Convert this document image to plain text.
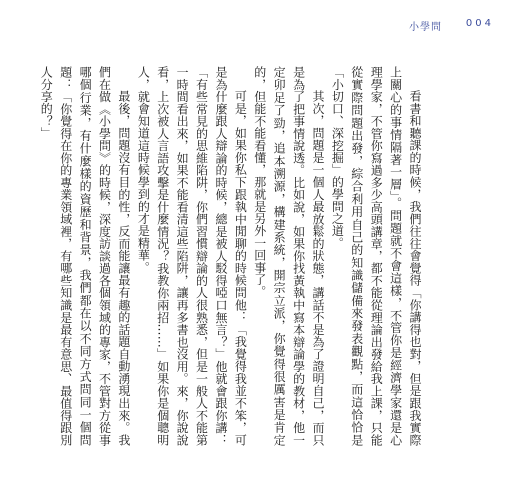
小學問 004

看書和聽課的時候，我們往往會覺得「你講得也對，但是跟我實際上關心的事情隔著一層」。問題就不會這樣，不管你是經濟學家還是心理學家，不管你寫過多少高頭講章，都不能從理論出發給我上課，只能從實際問題出發，綜合利用自己的知識儲備來發表觀點，而這恰恰是「小切口、深挖掘」的學問之道。

其次，問題是一個人最放鬆的狀態，講話不是為了證明自己，而只是為了把事情說透。比如說，如果你找黃執中寫本辯論學的教材，他一定卯足了勁，追本溯源，構建系統，開宗立派，你覺得很厲害是肯定的，但能不能看懂，那就是另外一回事了。

可是，如果你私下跟執中閒聊的時候問他：「我覺得我並不笨，可是為什麼跟人辯論的時候，總是被人駁得啞口無言？」他就會跟你講：「有些常見的思維陷阱，你們習慣辯論的人很熟悉，但是一般人不能第一時間看出來，如果不能看清這些陷阱，讓再多書也沒用。來，你說說看，上次被人言語攻擊是什麼情況？我教你兩招……」如果你是個聰明人，就會知道這時候學到的才是精華。

最後，問題沒有目的性，反而能讓最有趣的話題自動湧現出來。我們在做《小學問》的時候，深度訪談過各個領域的專家，不管對方從事哪個行業，有什麼樣的資歷和背景，我們都在以不同方式問同一個問題：「你覺得在你的專業領域裡，有哪些知識是最有意思、最值得跟別人分享的？」
